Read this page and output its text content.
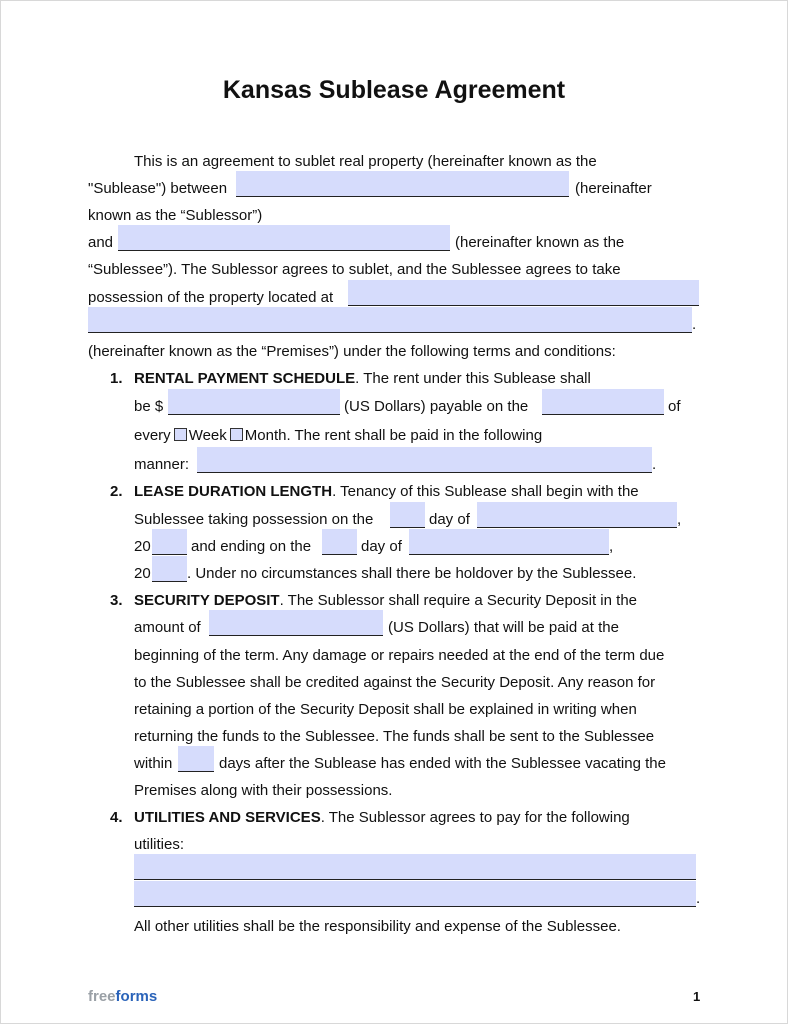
Kansas Sublease Agreement
This is an agreement to sublet real property (hereinafter known as the
"Sublease") between	(hereinafter
known as the “Sublessor”)
and	(hereinafter known as the
“Sublessee”). The Sublessor agrees to sublet, and the Sublessee agrees to take
possession of the property located at
.
(hereinafter known as the “Premises”) under the following terms and conditions:
1. RENTAL PAYMENT SCHEDULE. The rent under this Sublease shall
be $	(US Dollars) payable on the	of
every Week Month. The rent shall be paid in the following
manner:	.
2. LEASE DURATION LENGTH. Tenancy of this Sublease shall begin with the
Sublessee taking possession on the	day of	,
20	and ending on the	day of	,
20 . Under no circumstances shall there be holdover by the Sublessee.
3. SECURITY DEPOSIT. The Sublessor shall require a Security Deposit in the
amount of	(US Dollars) that will be paid at the
beginning of the term. Any damage or repairs needed at the end of the term due
to the Sublessee shall be credited against the Security Deposit. Any reason for
retaining a portion of the Security Deposit shall be explained in writing when
returning the funds to the Sublessee. The funds shall be sent to the Sublessee
within	days after the Sublease has ended with the Sublessee vacating the
Premises along with their possessions.
4. UTILITIES AND SERVICES. The Sublessor agrees to pay for the following
utilities:
.
All other utilities shall be the responsibility and expense of the Sublessee.
freeforms	1
